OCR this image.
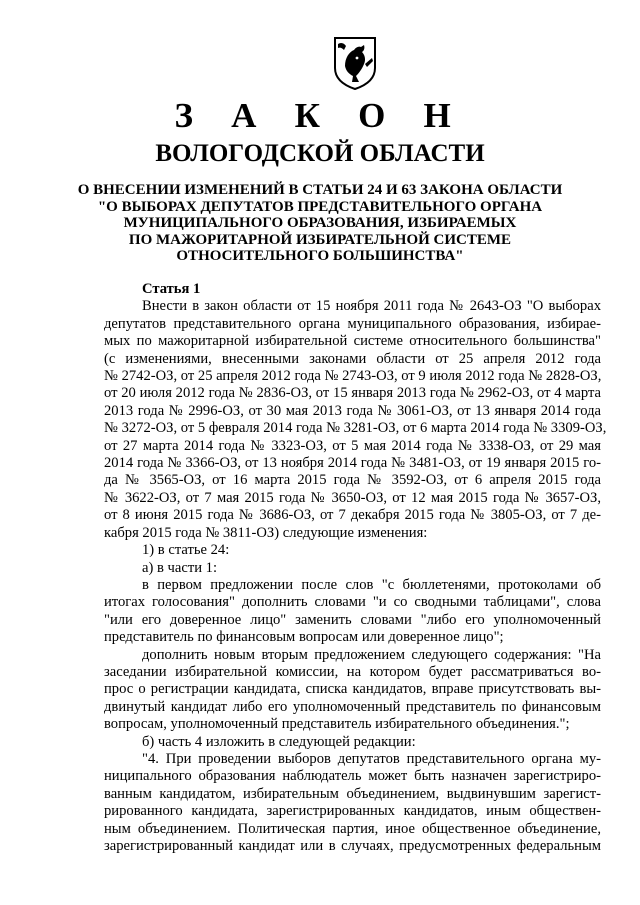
З А К О Н
ВОЛОГОДСКОЙ ОБЛАСТИ
О ВНЕСЕНИИ ИЗМЕНЕНИЙ В СТАТЬИ 24 И 63 ЗАКОНА ОБЛАСТИ
"О ВЫБОРАХ ДЕПУТАТОВ ПРЕДСТАВИТЕЛЬНОГО ОРГАНА
МУНИЦИПАЛЬНОГО ОБРАЗОВАНИЯ, ИЗБИРАЕМЫХ
ПО МАЖОРИТАРНОЙ ИЗБИРАТЕЛЬНОЙ СИСТЕМЕ
ОТНОСИТЕЛЬНОГО БОЛЬШИНСТВА"
Статья 1
Внести в закон области от 15 ноября 2011 года № 2643-ОЗ "О выборах
депутатов представительного органа муниципального образования, избирае-
мых по мажоритарной избирательной системе относительного большинства"
(с изменениями, внесенными законами области от 25 апреля 2012 года
№ 2742-ОЗ, от 25 апреля 2012 года № 2743-ОЗ, от 9 июля 2012 года № 2828-ОЗ,
от 20 июля 2012 года № 2836-ОЗ, от 15 января 2013 года № 2962-ОЗ, от 4 марта
2013 года № 2996-ОЗ, от 30 мая 2013 года № 3061-ОЗ, от 13 января 2014 года
№ 3272-ОЗ, от 5 февраля 2014 года № 3281-ОЗ, от 6 марта 2014 года № 3309-ОЗ,
от 27 марта 2014 года № 3323-ОЗ, от 5 мая 2014 года № 3338-ОЗ, от 29 мая
2014 года № 3366-ОЗ, от 13 ноября 2014 года № 3481-ОЗ, от 19 января 2015 го-
да № 3565-ОЗ, от 16 марта 2015 года № 3592-ОЗ, от 6 апреля 2015 года
№ 3622-ОЗ, от 7 мая 2015 года № 3650-ОЗ, от 12 мая 2015 года № 3657-ОЗ,
от 8 июня 2015 года № 3686-ОЗ, от 7 декабря 2015 года № 3805-ОЗ, от 7 де-
кабря 2015 года № 3811-ОЗ) следующие изменения:
1) в статье 24:
а) в части 1:
в первом предложении после слов "с бюллетенями, протоколами об
итогах голосования" дополнить словами "и со сводными таблицами", слова
"или его доверенное лицо" заменить словами "либо его уполномоченный
представитель по финансовым вопросам или доверенное лицо";
дополнить новым вторым предложением следующего содержания: "На
заседании избирательной комиссии, на котором будет рассматриваться во-
прос о регистрации кандидата, списка кандидатов, вправе присутствовать вы-
двинутый кандидат либо его уполномоченный представитель по финансовым
вопросам, уполномоченный представитель избирательного объединения.";
б) часть 4 изложить в следующей редакции:
"4. При проведении выборов депутатов представительного органа му-
ниципального образования наблюдатель может быть назначен зарегистриро-
ванным кандидатом, избирательным объединением, выдвинувшим зарегист-
рированного кандидата, зарегистрированных кандидатов, иным обществен-
ным объединением. Политическая партия, иное общественное объединение,
зарегистрированный кандидат или в случаях, предусмотренных федеральным
